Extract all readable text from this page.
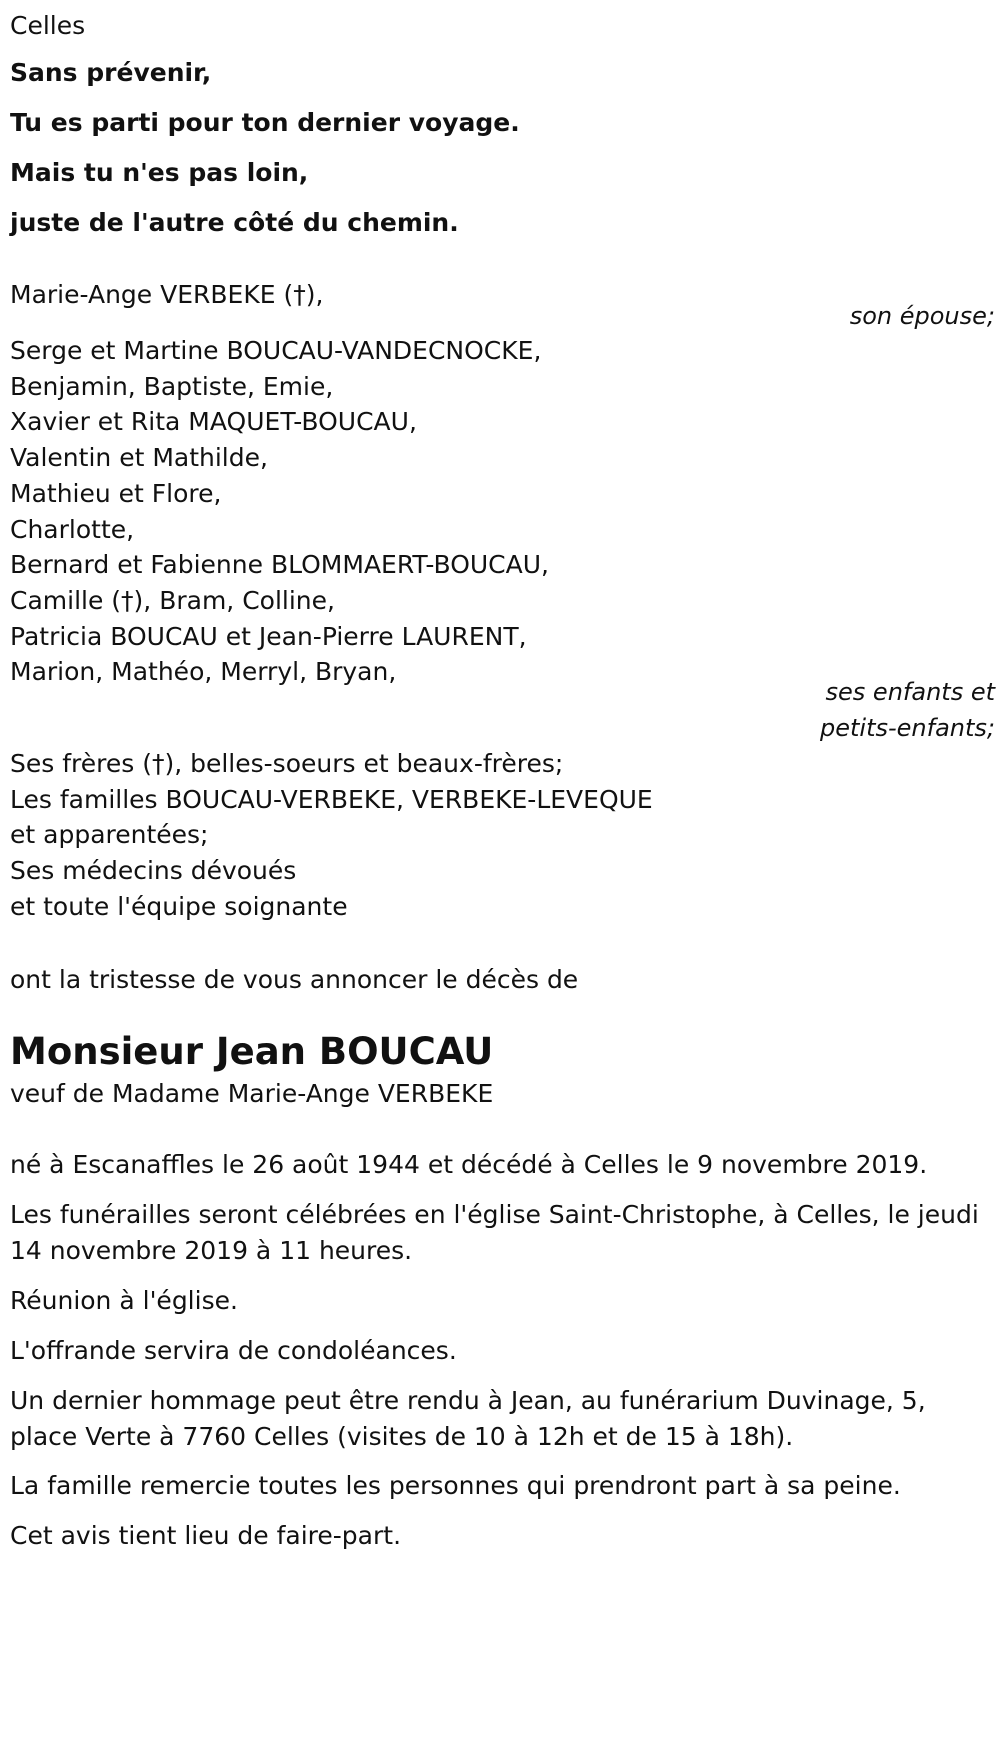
Celles
Sans prévenir,
Tu es parti pour ton dernier voyage.
Mais tu n'es pas loin,
juste de l'autre côté du chemin.
Marie-Ange VERBEKE (†),
son épouse;
Serge et Martine BOUCAU-VANDECNOCKE,
Benjamin, Baptiste, Emie,
Xavier et Rita MAQUET-BOUCAU,
Valentin et Mathilde,
Mathieu et Flore,
Charlotte,
Bernard et Fabienne BLOMMAERT-BOUCAU,
Camille (†), Bram, Colline,
Patricia BOUCAU et Jean-Pierre LAURENT,
Marion, Mathéo, Merryl, Bryan,
ses enfants et
petits-enfants;
Ses frères (†), belles-soeurs et beaux-frères;
Les familles BOUCAU-VERBEKE, VERBEKE-LEVEQUE
et apparentées;
Ses médecins dévoués
et toute l'équipe soignante
ont la tristesse de vous annoncer le décès de
Monsieur Jean BOUCAU
veuf de Madame Marie-Ange VERBEKE

né à Escanaffles le 26 août 1944 et décédé à Celles le 9 novembre 2019.

Les funérailles seront célébrées en l'église Saint-Christophe, à Celles, le jeudi 14 novembre 2019 à 11 heures.

Réunion à l'église.

L'offrande servira de condoléances.

Un dernier hommage peut être rendu à Jean, au funérarium Duvinage, 5, place Verte à 7760 Celles (visites de 10 à 12h et de 15 à 18h).

La famille remercie toutes les personnes qui prendront part à sa peine.

Cet avis tient lieu de faire-part.
